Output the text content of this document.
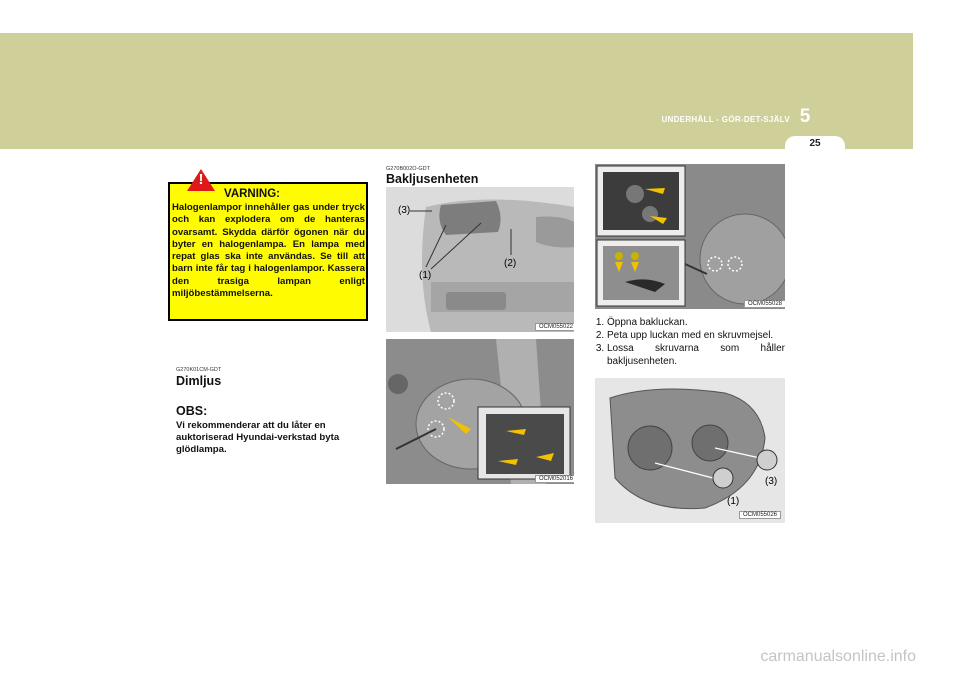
UNDERHÅLL - GÖR-DET-SJÄLV 5
25
!
VARNING:
Halogenlampor innehåller gas under tryck och kan explodera om de hanteras ovarsamt. Skydda därför ögonen när du byter en halogenlampa. En lampa med repat glas ska inte användas. Se till att barn inte får tag i halogenlampor. Kassera den trasiga lampan enligt miljöbestämmelserna.
G270K01CM-GDT
Dimljus
OBS:
Vi rekommenderar att du låter en auktoriserad Hyundai-verkstad byta glödlampa.
G270B002O-GDT
Bakljusenheten
(3)
(1)
(2)
OCM055022
OCM052016
OCM055028
1. Öppna bakluckan.
2. Peta upp luckan med en skruvmejsel.
3. Lossa skruvarna som håller bakljusenheten.
(1)
(3)
OCM055026
carmanualsonline.info
